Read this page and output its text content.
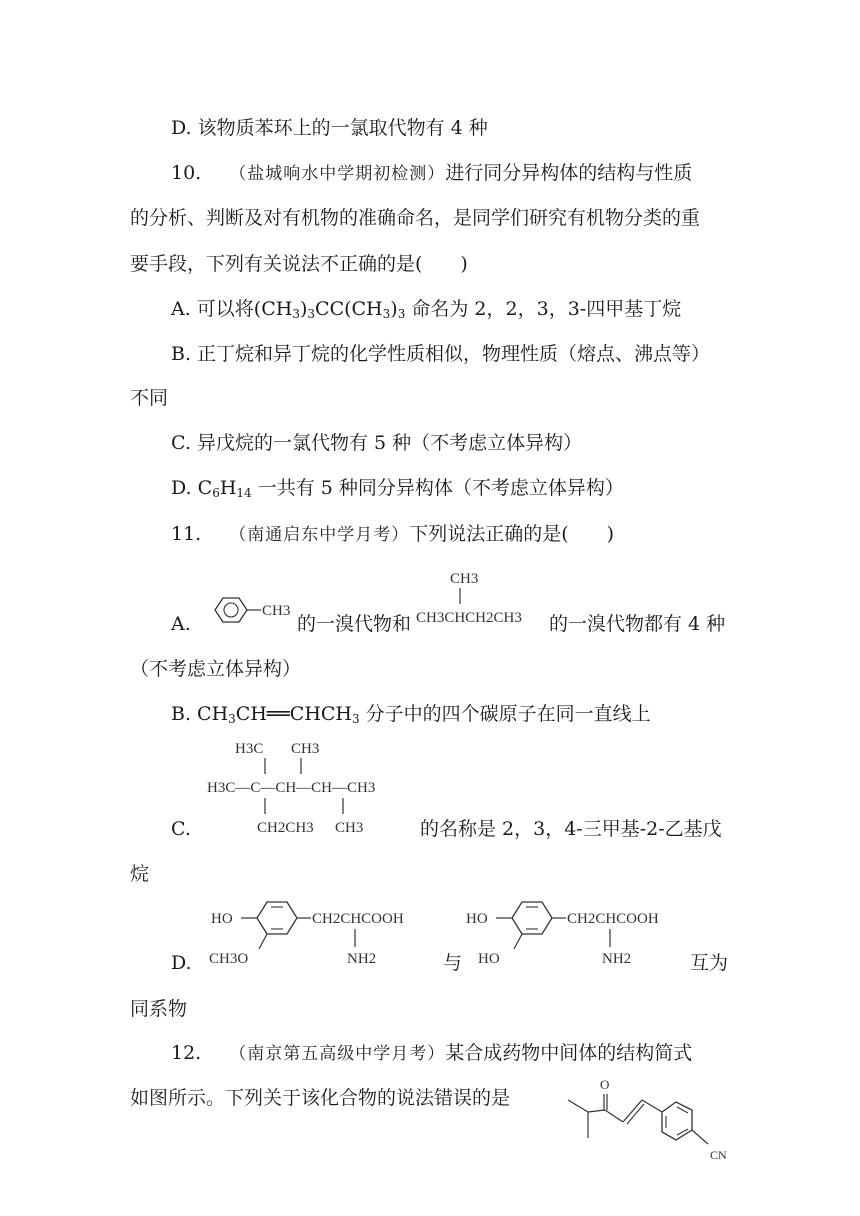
D. 该物质苯环上的一氯取代物有 4 种
10. （盐城响水中学期初检测）进行同分异构体的结构与性质
的分析、判断及对有机物的准确命名，是同学们研究有机物分类的重
要手段，下列有关说法不正确的是(　　)
A. 可以将$(CH_3)_3CC(CH_3)_3$ 命名为 2，2，3，3-四甲基丁烷
B. 正丁烷和异丁烷的化学性质相似，物理性质（熔点、沸点等）
不同
C. 异戊烷的一氯代物有 5 种（不考虑立体异构）
D. $C_6H_{14}$ 一共有 5 种同分异构体（不考虑立体异构）
11. （南通启东中学月考）下列说法正确的是(　　)
A.
CH3
的一溴代物和
CH3
CH3CHCH2CH3 的一溴代物都有 4 种
（不考虑立体异构）
B. $CH_3CH══CHCH_3$ 分子中的四个碳原子在同一直线上
H3C CH3
H3C—C—CH—CH—CH3
CH2CH3 CH3
C.	的名称是 2，3，4-三甲基-2-乙基戊
烷
HO	CH2CHCOOH
CH3O	NH2
D.	与
HO	CH2CHCOOH
HO	NH2	互为
同系物
12. （南京第五高级中学月考）某合成药物中间体的结构简式
如图所示。下列关于该化合物的说法错误的是
O
CN
